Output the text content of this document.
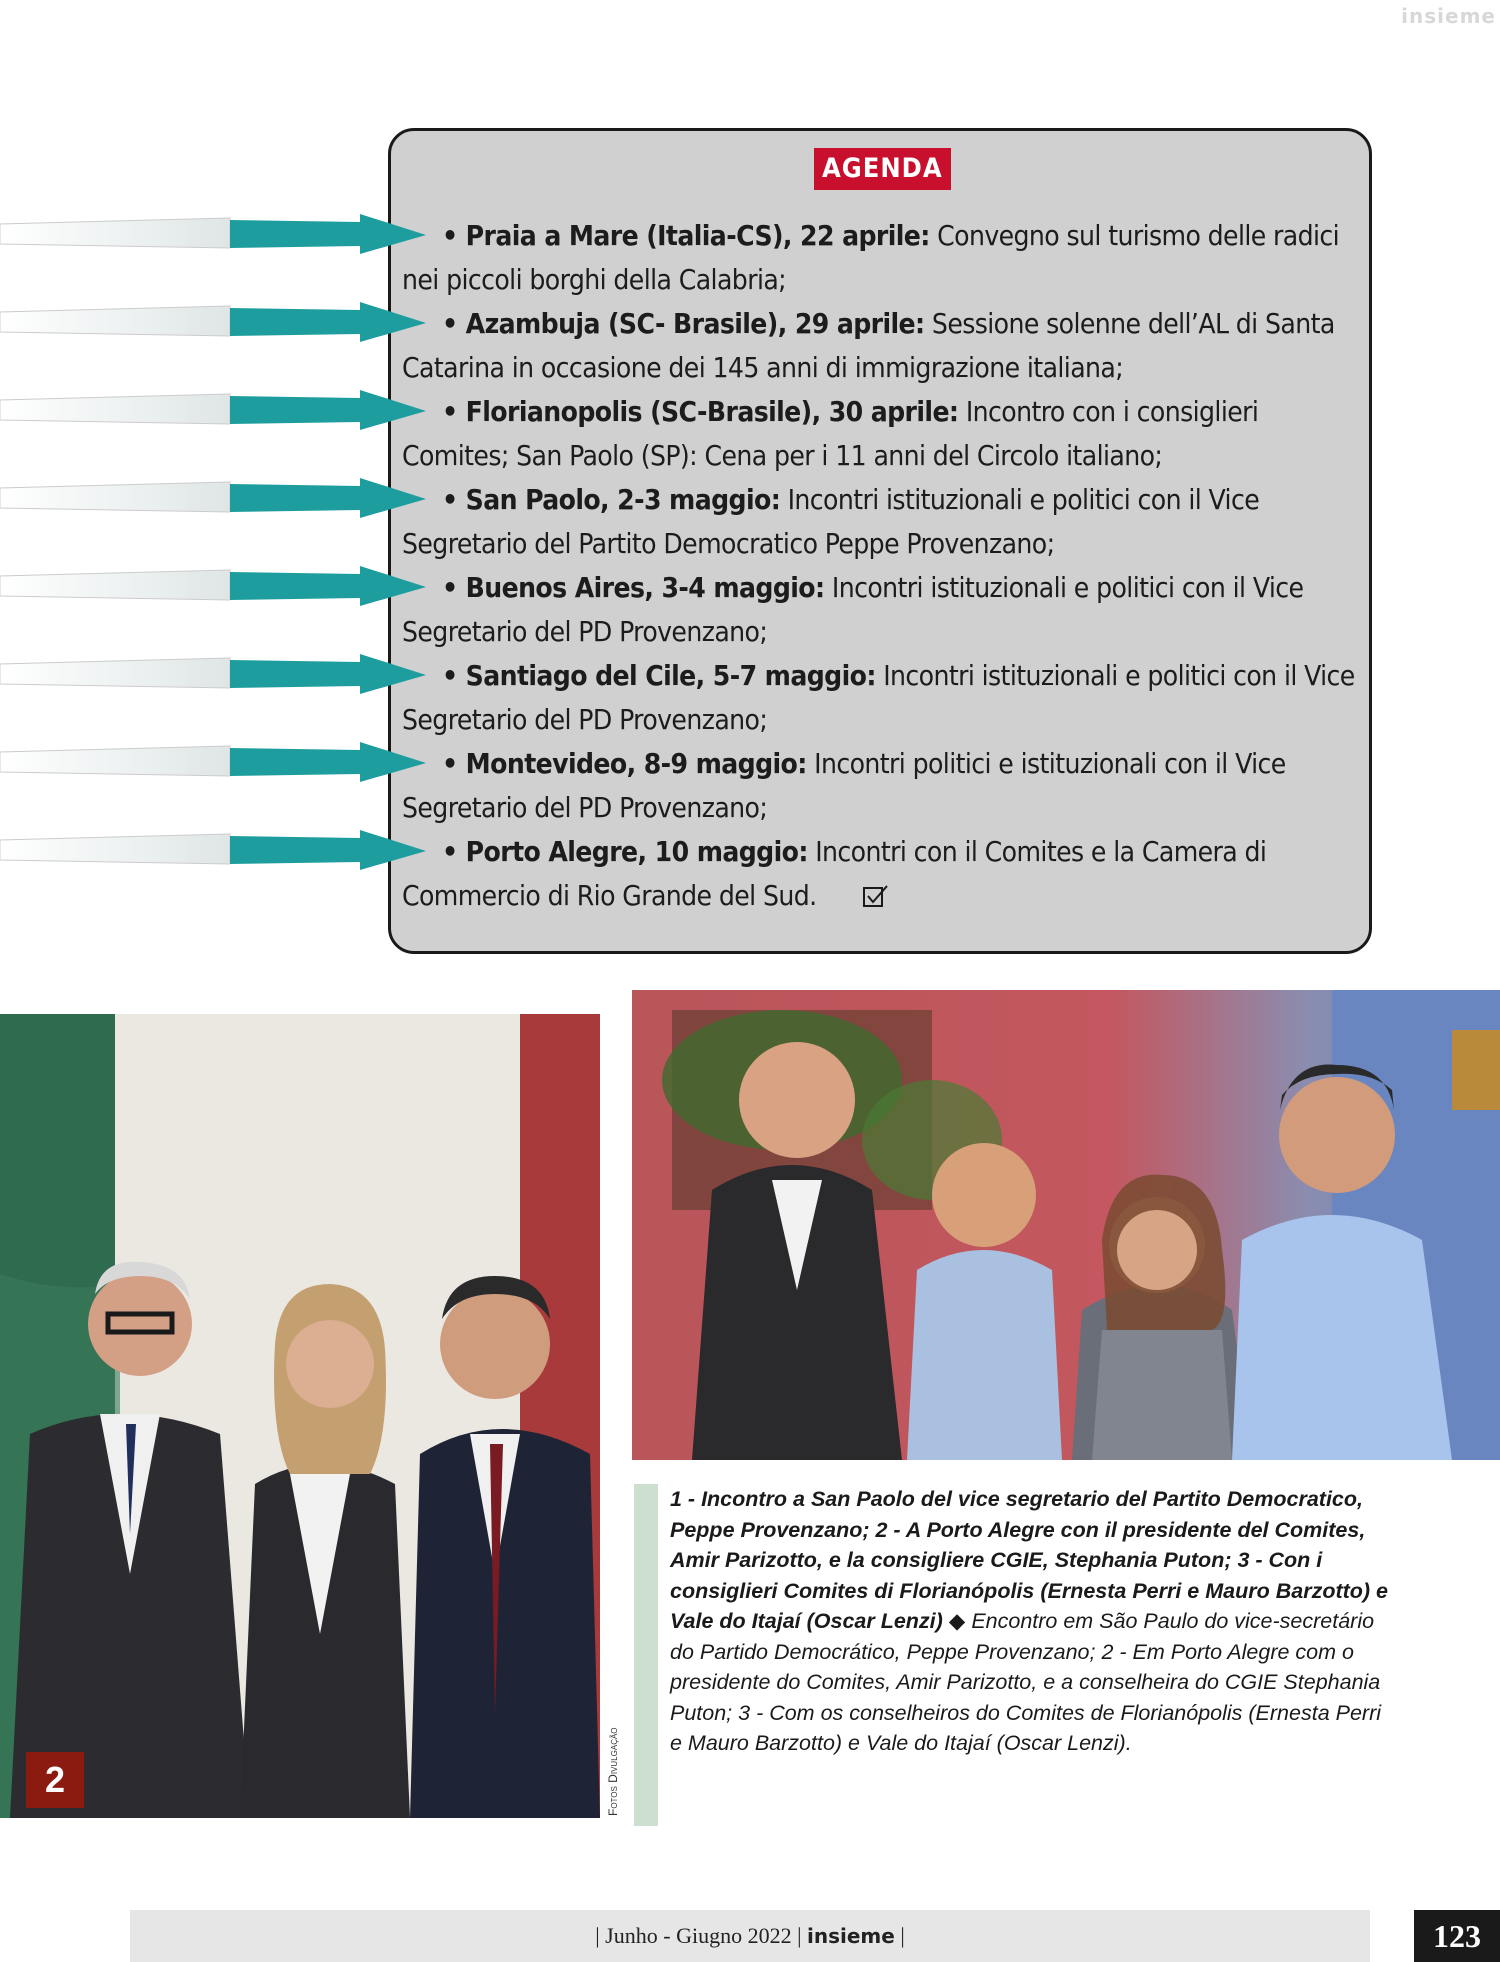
insieme
AGENDA
• Praia a Mare (Italia-CS), 22 aprile: Convegno sul turismo delle radici nei piccoli borghi della Calabria;
• Azambuja (SC- Brasile), 29 aprile: Sessione solenne dell’AL di Santa Catarina in occasione dei 145 anni di immigrazione italiana;
• Florianopolis (SC-Brasile), 30 aprile: Incontro con i consiglieri Comites; San Paolo (SP): Cena per i 11 anni del Circolo italiano;
• San Paolo, 2-3 maggio: Incontri istituzionali e politici con il Vice Segretario del Partito Democratico Peppe Provenzano;
• Buenos Aires, 3-4 maggio: Incontri istituzionali e politici con il Vice Segretario del PD Provenzano;
• Santiago del Cile, 5-7 maggio: Incontri istituzionali e politici con il Vice Segretario del PD Provenzano;
• Montevideo, 8-9 maggio: Incontri politici e istituzionali con il Vice Segretario del PD Provenzano;
• Porto Alegre, 10 maggio: Incontri con il Comites e la Camera di Commercio di Rio Grande del Sud.
2	Fotos Divulgação
1 - Incontro a San Paolo del vice segretario del Partito Democratico, Peppe Provenzano; 2 - A Porto Alegre con il presidente del Comites, Amir Parizotto, e la consigliere CGIE, Stephania Puton; 3 - Con i consiglieri Comites di Florianópolis (Ernesta Perri e Mauro Barzotto) e Vale do Itajaí (Oscar Lenzi) ◆ Encontro em São Paulo do vice-secretário do Partido Democrático, Peppe Provenzano; 2 - Em Porto Alegre com o presidente do Comites, Amir Parizotto, e a conselheira do CGIE Stephania Puton; 3 - Com os conselheiros do Comites de Florianópolis (Ernesta Perri e Mauro Barzotto) e Vale do Itajaí (Oscar Lenzi).
| Junho - Giugno 2022 | insieme |	123
